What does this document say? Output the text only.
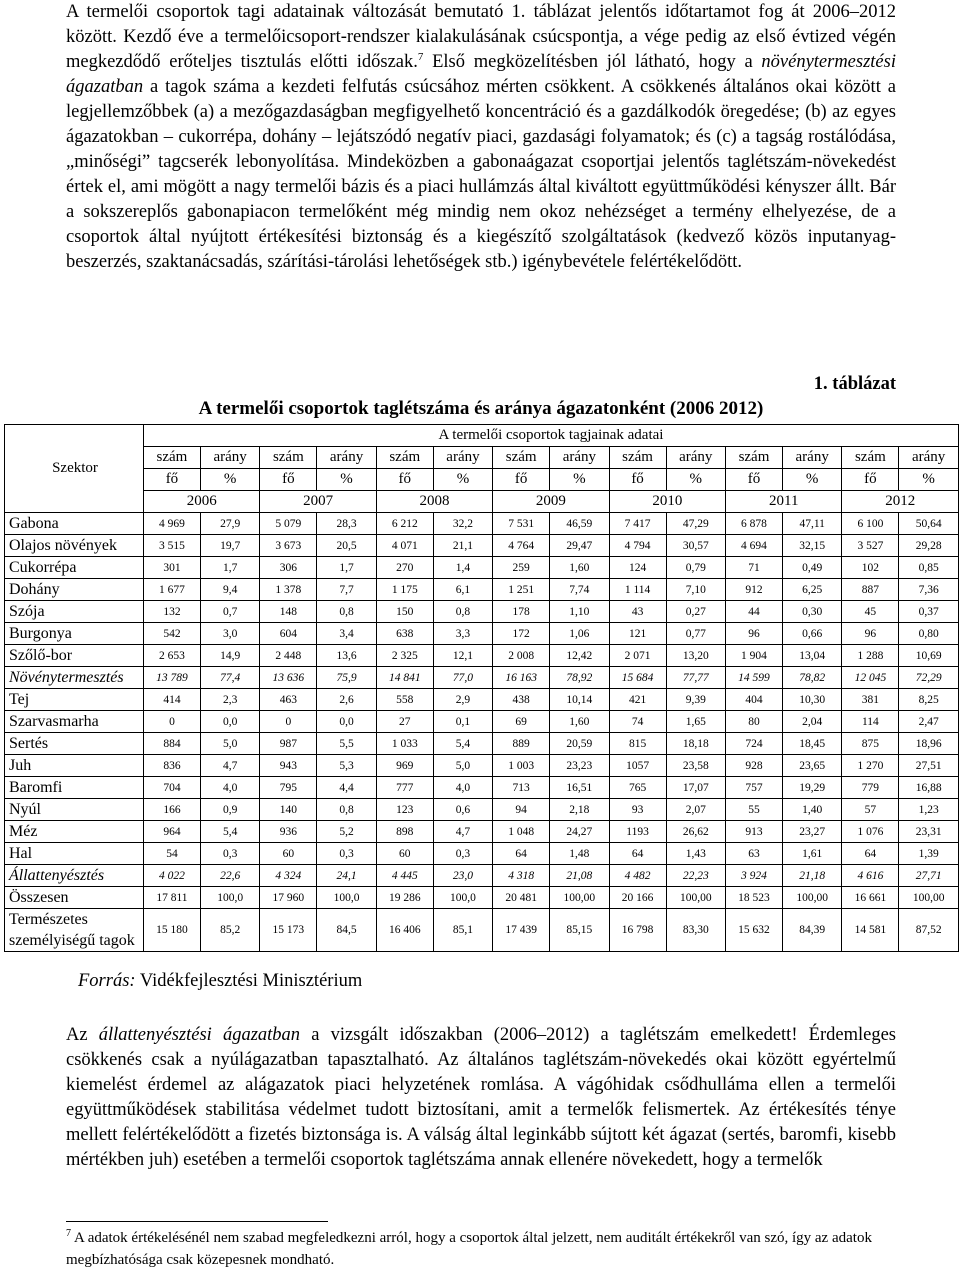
A termelői csoportok tagi adatainak változását bemutató 1. táblázat jelentős időtartamot fog át 2006–2012 között. Kezdő éve a termelőicsoport-rendszer kialakulásának csúcspontja, a vége pedig az első évtized végén megkezdődő erőteljes tisztulás előtti időszak.$^7$ Első megközelítésben jól látható, hogy a növénytermesztési ágazatban a tagok száma a kezdeti felfutás csúcsához mérten csökkent. A csökkenés általános okai között a legjellemzőbbek (a) a mezőgazdaságban megfigyelhető koncentráció és a gazdálkodók öregedése; (b) az egyes ágazatokban – cukorrépa, dohány – lejátszódó negatív piaci, gazdasági folyamatok; és (c) a tagság rostálódása, „minőségi” tagcserék lebonyolítása. Mindeközben a gabonaágazat csoportjai jelentős taglétszám-növekedést értek el, ami mögött a nagy termelői bázis és a piaci hullámzás által kiváltott együttműködési kényszer állt. Bár a sokszereplős gabonapiacon termelőként még mindig nem okoz nehézséget a termény elhelyezése, de a csoportok által nyújtott értékesítési biztonság és a kiegészítő szolgáltatások (kedvező közös inputanyag-beszerzés, szaktanácsadás, szárítási-tárolási lehetőségek stb.) igénybevétele felértékelődött.

1. táblázat
A termelői csoportok taglétszáma és aránya ágazatonként (2006 2012)
Szektor	A termelői csoportok tagjainak adatai													
	szám	arány	szám	arány	szám	arány	szám	arány	szám	arány	szám	arány	szám	arány
	fő	%	fő	%	fő	%	fő	%	fő	%	fő	%	fő	%
	2006		2007		2008		2009		2010		2011		2012	
Gabona	4 969	27,9	5 079	28,3	6 212	32,2	7 531	46,59	7 417	47,29	6 878	47,11	6 100	50,64
Olajos növények	3 515	19,7	3 673	20,5	4 071	21,1	4 764	29,47	4 794	30,57	4 694	32,15	3 527	29,28
Cukorrépa	301	1,7	306	1,7	270	1,4	259	1,60	124	0,79	71	0,49	102	0,85
Dohány	1 677	9,4	1 378	7,7	1 175	6,1	1 251	7,74	1 114	7,10	912	6,25	887	7,36
Szója	132	0,7	148	0,8	150	0,8	178	1,10	43	0,27	44	0,30	45	0,37
Burgonya	542	3,0	604	3,4	638	3,3	172	1,06	121	0,77	96	0,66	96	0,80
Szőlő-bor	2 653	14,9	2 448	13,6	2 325	12,1	2 008	12,42	2 071	13,20	1 904	13,04	1 288	10,69
Növénytermesztés	13 789	77,4	13 636	75,9	14 841	77,0	16 163	78,92	15 684	77,77	14 599	78,82	12 045	72,29
Tej	414	2,3	463	2,6	558	2,9	438	10,14	421	9,39	404	10,30	381	8,25
Szarvasmarha	0	0,0	0	0,0	27	0,1	69	1,60	74	1,65	80	2,04	114	2,47
Sertés	884	5,0	987	5,5	1 033	5,4	889	20,59	815	18,18	724	18,45	875	18,96
Juh	836	4,7	943	5,3	969	5,0	1 003	23,23	1057	23,58	928	23,65	1 270	27,51
Baromfi	704	4,0	795	4,4	777	4,0	713	16,51	765	17,07	757	19,29	779	16,88
Nyúl	166	0,9	140	0,8	123	0,6	94	2,18	93	2,07	55	1,40	57	1,23
Méz	964	5,4	936	5,2	898	4,7	1 048	24,27	1193	26,62	913	23,27	1 076	23,31
Hal	54	0,3	60	0,3	60	0,3	64	1,48	64	1,43	63	1,61	64	1,39
Állattenyésztés	4 022	22,6	4 324	24,1	4 445	23,0	4 318	21,08	4 482	22,23	3 924	21,18	4 616	27,71
Összesen	17 811	100,0	17 960	100,0	19 286	100,0	20 481	100,00	20 166	100,00	18 523	100,00	16 661	100,00
Természetes személyiségű tagok	15 180	85,2	15 173	84,5	16 406	85,1	17 439	85,15	16 798	83,30	15 632	84,39	14 581	87,52
Forrás: Vidékfejlesztési Minisztérium

Az állattenyésztési ágazatban a vizsgált időszakban (2006–2012) a taglétszám emelkedett! Érdemleges csökkenés csak a nyúlágazatban tapasztalható. Az általános taglétszám-növekedés okai között egyértelmű kiemelést érdemel az alágazatok piaci helyzetének romlása. A vágóhidak csődhulláma ellen a termelői együttműködések stabilitása védelmet tudott biztosítani, amit a termelők felismertek. Az értékesítés ténye mellett felértékelődött a fizetés biztonsága is. A válság által leginkább sújtott két ágazat (sertés, baromfi, kisebb mértékben juh) esetében a termelői csoportok taglétszáma annak ellenére növekedett, hogy a termelők

$^7$ A adatok értékelésénél nem szabad megfeledkezni arról, hogy a csoportok által jelzett, nem auditált értékekről van szó, így az adatok megbízhatósága csak közepesnek mondható.
